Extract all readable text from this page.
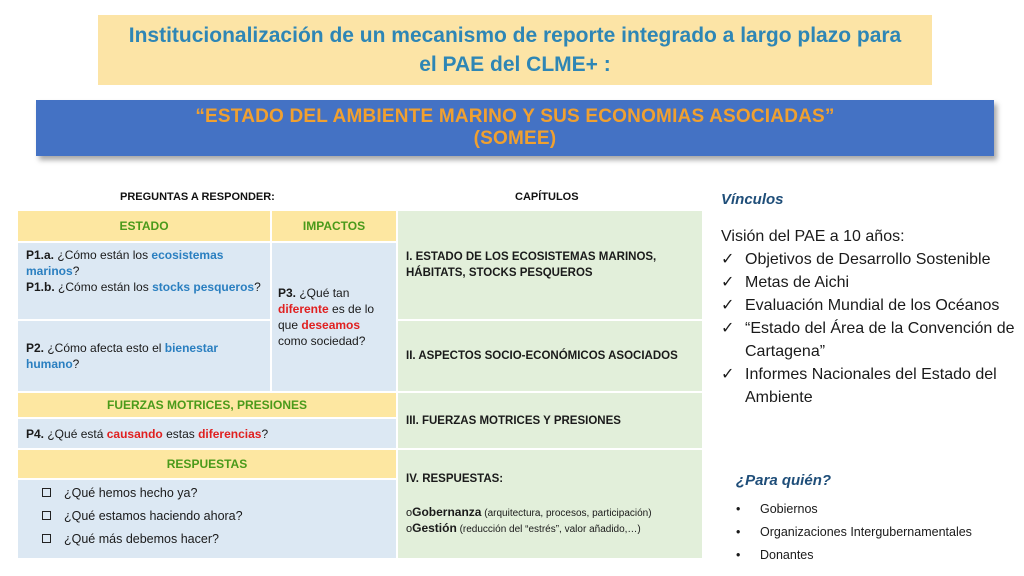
Institucionalización de un mecanismo de reporte integrado a largo plazo para
el PAE del CLME+ :
“ESTADO DEL AMBIENTE MARINO Y SUS ECONOMIAS ASOCIADAS”
(SOMEE)
PREGUNTAS A RESPONDER:	CAPÍTULOS
ESTADO	IMPACTOS
P1.a. ¿Cómo están los ecosistemas marinos?
P1.b. ¿Cómo están los stocks pesqueros?
P2. ¿Cómo afecta esto el bienestar humano?
P3. ¿Qué tan diferente es de lo que deseamos como sociedad?
FUERZAS MOTRICES, PRESIONES
P4. ¿Qué está causando estas diferencias?
RESPUESTAS
¿Qué hemos hecho ya?
¿Qué estamos haciendo ahora?
¿Qué más debemos hacer?
I. ESTADO DE LOS ECOSISTEMAS MARINOS, HÁBITATS, STOCKS PESQUEROS
II. ASPECTOS SOCIO-ECONÓMICOS ASOCIADOS
III. FUERZAS MOTRICES Y PRESIONES
IV. RESPUESTAS:
oGobernanza (arquitectura, procesos, participación)
oGestión (reducción del “estrés”, valor añadido,…)
Vínculos
Visión del PAE a 10 años:
✓ Objetivos de Desarrollo Sostenible
✓ Metas de Aichi
✓ Evaluación Mundial de los Océanos
✓ “Estado del Área de la Convención de Cartagena”
✓ Informes Nacionales del Estado del Ambiente
¿Para quién?
• Gobiernos
• Organizaciones Intergubernamentales
• Donantes
